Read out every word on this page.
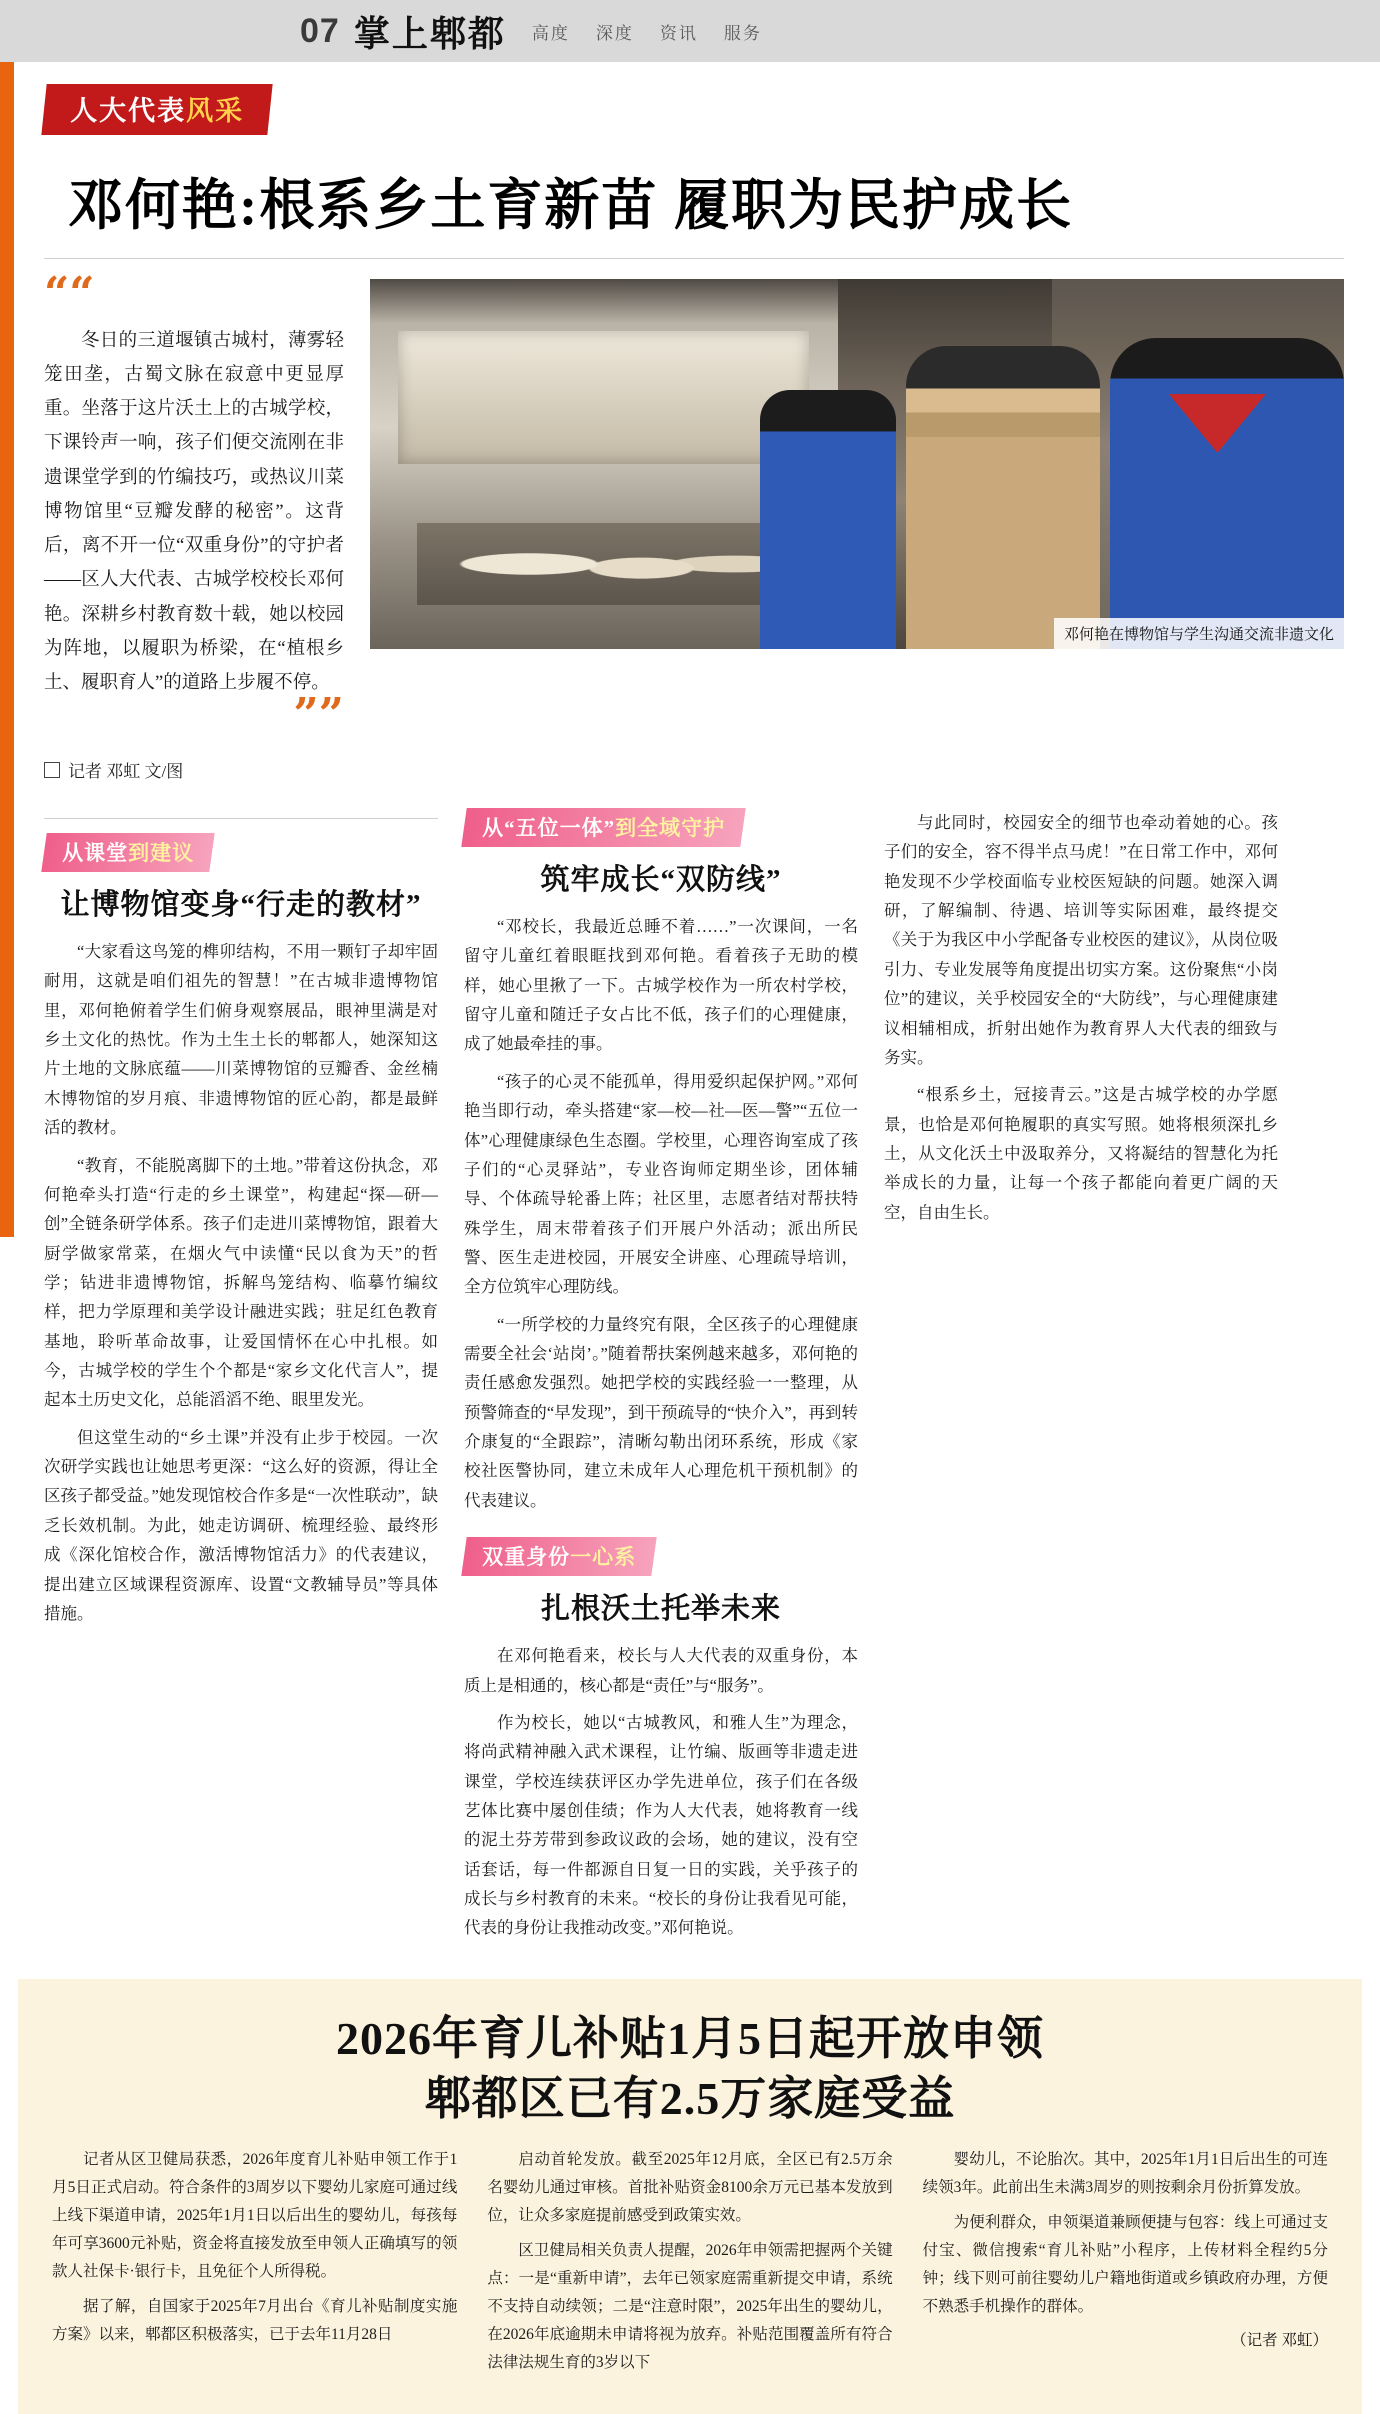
07 掌上郫都 高度 深度 资讯 服务
人大代表风采
邓何艳:根系乡土育新苗 履职为民护成长
““

冬日的三道堰镇古城村，薄雾轻笼田垄，古蜀文脉在寂意中更显厚重。坐落于这片沃土上的古城学校，下课铃声一响，孩子们便交流刚在非遗课堂学到的竹编技巧，或热议川菜博物馆里“豆瓣发酵的秘密”。这背后，离不开一位“双重身份”的守护者——区人大代表、古城学校校长邓何艳。深耕乡村教育数十载，她以校园为阵地，以履职为桥梁，在“植根乡土、履职育人”的道路上步履不停。

””
记者 邓虹 文/图
邓何艳在博物馆与学生沟通交流非遗文化
从课堂到建议
让博物馆变身“行走的教材”

“大家看这鸟笼的榫卯结构，不用一颗钉子却牢固耐用，这就是咱们祖先的智慧！”在古城非遗博物馆里，邓何艳俯着学生们俯身观察展品，眼神里满是对乡土文化的热忱。作为土生土长的郫都人，她深知这片土地的文脉底蕴——川菜博物馆的豆瓣香、金丝楠木博物馆的岁月痕、非遗博物馆的匠心韵，都是最鲜活的教材。

“教育，不能脱离脚下的土地。”带着这份执念，邓何艳牵头打造“行走的乡土课堂”，构建起“探—研—创”全链条研学体系。孩子们走进川菜博物馆，跟着大厨学做家常菜，在烟火气中读懂“民以食为天”的哲学；钻进非遗博物馆，拆解鸟笼结构、临摹竹编纹样，把力学原理和美学设计融进实践；驻足红色教育基地，聆听革命故事，让爱国情怀在心中扎根。如今，古城学校的学生个个都是“家乡文化代言人”，提起本土历史文化，总能滔滔不绝、眼里发光。

但这堂生动的“乡土课”并没有止步于校园。一次次研学实践也让她思考更深：“这么好的资源，得让全区孩子都受益。”她发现馆校合作多是“一次性联动”，缺乏长效机制。为此，她走访调研、梳理经验、最终形成《深化馆校合作，激活博物馆活力》的代表建议，提出建立区域课程资源库、设置“文教辅导员”等具体措施。

从“五位一体”到全域守护
筑牢成长“双防线”

“邓校长，我最近总睡不着……”一次课间，一名留守儿童红着眼眶找到邓何艳。看着孩子无助的模样，她心里揪了一下。古城学校作为一所农村学校，留守儿童和随迁子女占比不低，孩子们的心理健康，成了她最牵挂的事。

“孩子的心灵不能孤单，得用爱织起保护网。”邓何艳当即行动，牵头搭建“家—校—社—医—警”“五位一体”心理健康绿色生态圈。学校里，心理咨询室成了孩子们的“心灵驿站”，专业咨询师定期坐诊，团体辅导、个体疏导轮番上阵；社区里，志愿者结对帮扶特殊学生，周末带着孩子们开展户外活动；派出所民警、医生走进校园，开展安全讲座、心理疏导培训，全方位筑牢心理防线。

“一所学校的力量终究有限，全区孩子的心理健康需要全社会‘站岗’。”随着帮扶案例越来越多，邓何艳的责任感愈发强烈。她把学校的实践经验一一整理，从预警筛查的“早发现”，到干预疏导的“快介入”，再到转介康复的“全跟踪”，清晰勾勒出闭环系统，形成《家校社医警协同，建立未成年人心理危机干预机制》的代表建议。

双重身份一心系
扎根沃土托举未来

在邓何艳看来，校长与人大代表的双重身份，本质上是相通的，核心都是“责任”与“服务”。

作为校长，她以“古城教风，和雅人生”为理念，将尚武精神融入武术课程，让竹编、版画等非遗走进课堂，学校连续获评区办学先进单位，孩子们在各级艺体比赛中屡创佳绩；作为人大代表，她将教育一线的泥土芬芳带到参政议政的会场，她的建议，没有空话套话，每一件都源自日复一日的实践，关乎孩子的成长与乡村教育的未来。“校长的身份让我看见可能，代表的身份让我推动改变。”邓何艳说。

与此同时，校园安全的细节也牵动着她的心。孩子们的安全，容不得半点马虎！”在日常工作中，邓何艳发现不少学校面临专业校医短缺的问题。她深入调研，了解编制、待遇、培训等实际困难，最终提交《关于为我区中小学配备专业校医的建议》，从岗位吸引力、专业发展等角度提出切实方案。这份聚焦“小岗位”的建议，关乎校园安全的“大防线”，与心理健康建议相辅相成，折射出她作为教育界人大代表的细致与务实。

“根系乡土，冠接青云。”这是古城学校的办学愿景，也恰是邓何艳履职的真实写照。她将根须深扎乡土，从文化沃土中汲取养分，又将凝结的智慧化为托举成长的力量，让每一个孩子都能向着更广阔的天空，自由生长。

2026年育儿补贴1月5日起开放申领
郫都区已有2.5万家庭受益

记者从区卫健局获悉，2026年度育儿补贴申领工作于1月5日正式启动。符合条件的3周岁以下婴幼儿家庭可通过线上线下渠道申请，2025年1月1日以后出生的婴幼儿，每孩每年可享3600元补贴，资金将直接发放至申领人正确填写的领款人社保卡·银行卡，且免征个人所得税。

据了解，自国家于2025年7月出台《育儿补贴制度实施方案》以来，郫都区积极落实，已于去年11月28日

启动首轮发放。截至2025年12月底，全区已有2.5万余名婴幼儿通过审核。首批补贴资金8100余万元已基本发放到位，让众多家庭提前感受到政策实效。

区卫健局相关负责人提醒，2026年申领需把握两个关键点：一是“重新申请”，去年已领家庭需重新提交申请，系统不支持自动续领；二是“注意时限”，2025年出生的婴幼儿，在2026年底逾期未申请将视为放弃。补贴范围覆盖所有符合法律法规生育的3岁以下

婴幼儿，不论胎次。其中，2025年1月1日后出生的可连续领3年。此前出生未满3周岁的则按剩余月份折算发放。

为便利群众，申领渠道兼顾便捷与包容：线上可通过支付宝、微信搜索“育儿补贴”小程序，上传材料全程约5分钟；线下则可前往婴幼儿户籍地街道或乡镇政府办理，方便不熟悉手机操作的群体。

（记者 邓虹）
